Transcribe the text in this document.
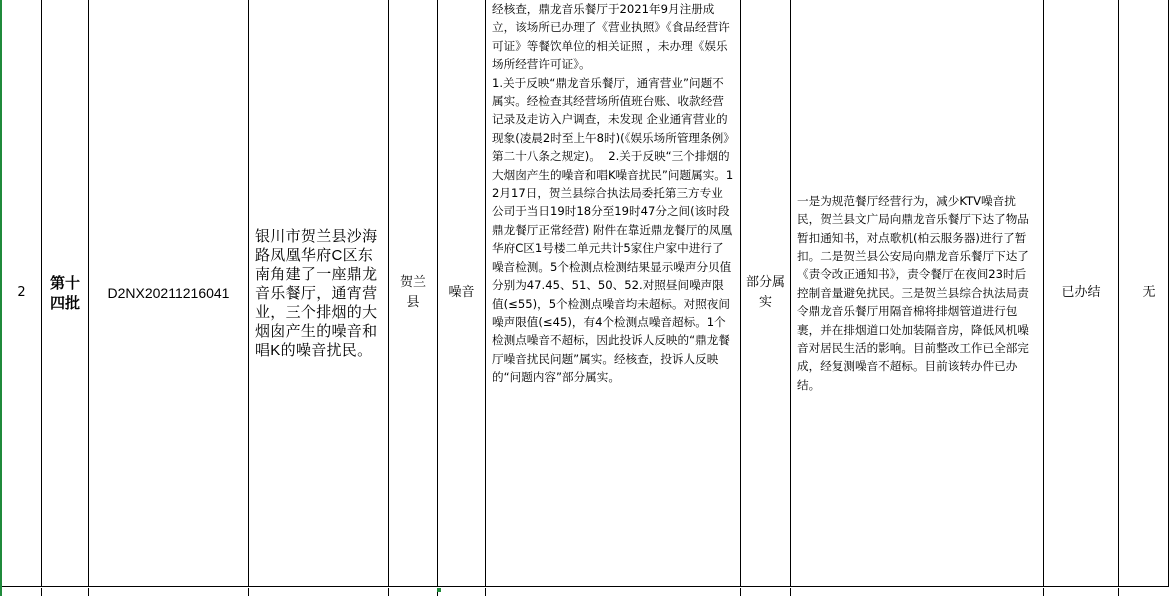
2
第十四批
D2NX20211216041
银川市贺兰县沙海路凤凰华府C区东南角建了一座鼎龙音乐餐厅，通宵营业，三个排烟的大烟囱产生的噪音和唱K的噪音扰民。
贺兰县
噪音

经核查，鼎龙音乐餐厅于2021年9月注册成立，该场所已办理了《营业执照》《食品经营许可证》等餐饮单位的相关证照 ，未办理《娱乐场所经营许可证》。
1.关于反映“鼎龙音乐餐厅，通宵营业”问题不属实。经检查其经营场所值班台账、收款经营记录及走访入户调查，未发现 企业通宵营业的现象(凌晨2时至上午8时)(《娱乐场所管理条例》第二十八条之规定)。  2.关于反映“三个排烟的大烟囱产生的噪音和唱K噪音扰民”问题属实。12月17日，贺兰县综合执法局委托第三方专业公司于当日19时18分至19时47分之间(该时段鼎龙餐厅正常经营) 附件在靠近鼎龙餐厅的凤凰华府C区1号楼二单元共计5家住户家中进行了噪音检测。5个检测点检测结果显示噪声分贝值分别为47.45、51、50、52.对照昼间噪声限值(≤55)，5个检测点噪音均未超标。对照夜间噪声限值(≤45)，有4个检测点噪音超标。1个检测点噪音不超标，因此投诉人反映的“鼎龙餐厅噪音扰民问题”属实。经核查，投诉人反映的“问题内容”部分属实。

部分属实

一是为规范餐厅经营行为，减少KTV噪音扰民，贺兰县文广局向鼎龙音乐餐厅下达了物品暂扣通知书，对点歌机(柏云服务器)进行了暂扣。二是贺兰县公安局向鼎龙音乐餐厅下达了《责令改正通知书》，责令餐厅在夜间23时后控制音量避免扰民。三是贺兰县综合执法局责令鼎龙音乐餐厅用隔音棉将排烟管道进行包裹，并在排烟道口处加装隔音房，降低风机噪音对居民生活的影响。目前整改工作已全部完成，经复测噪音不超标。目前该转办件已办结。

已办结	无
